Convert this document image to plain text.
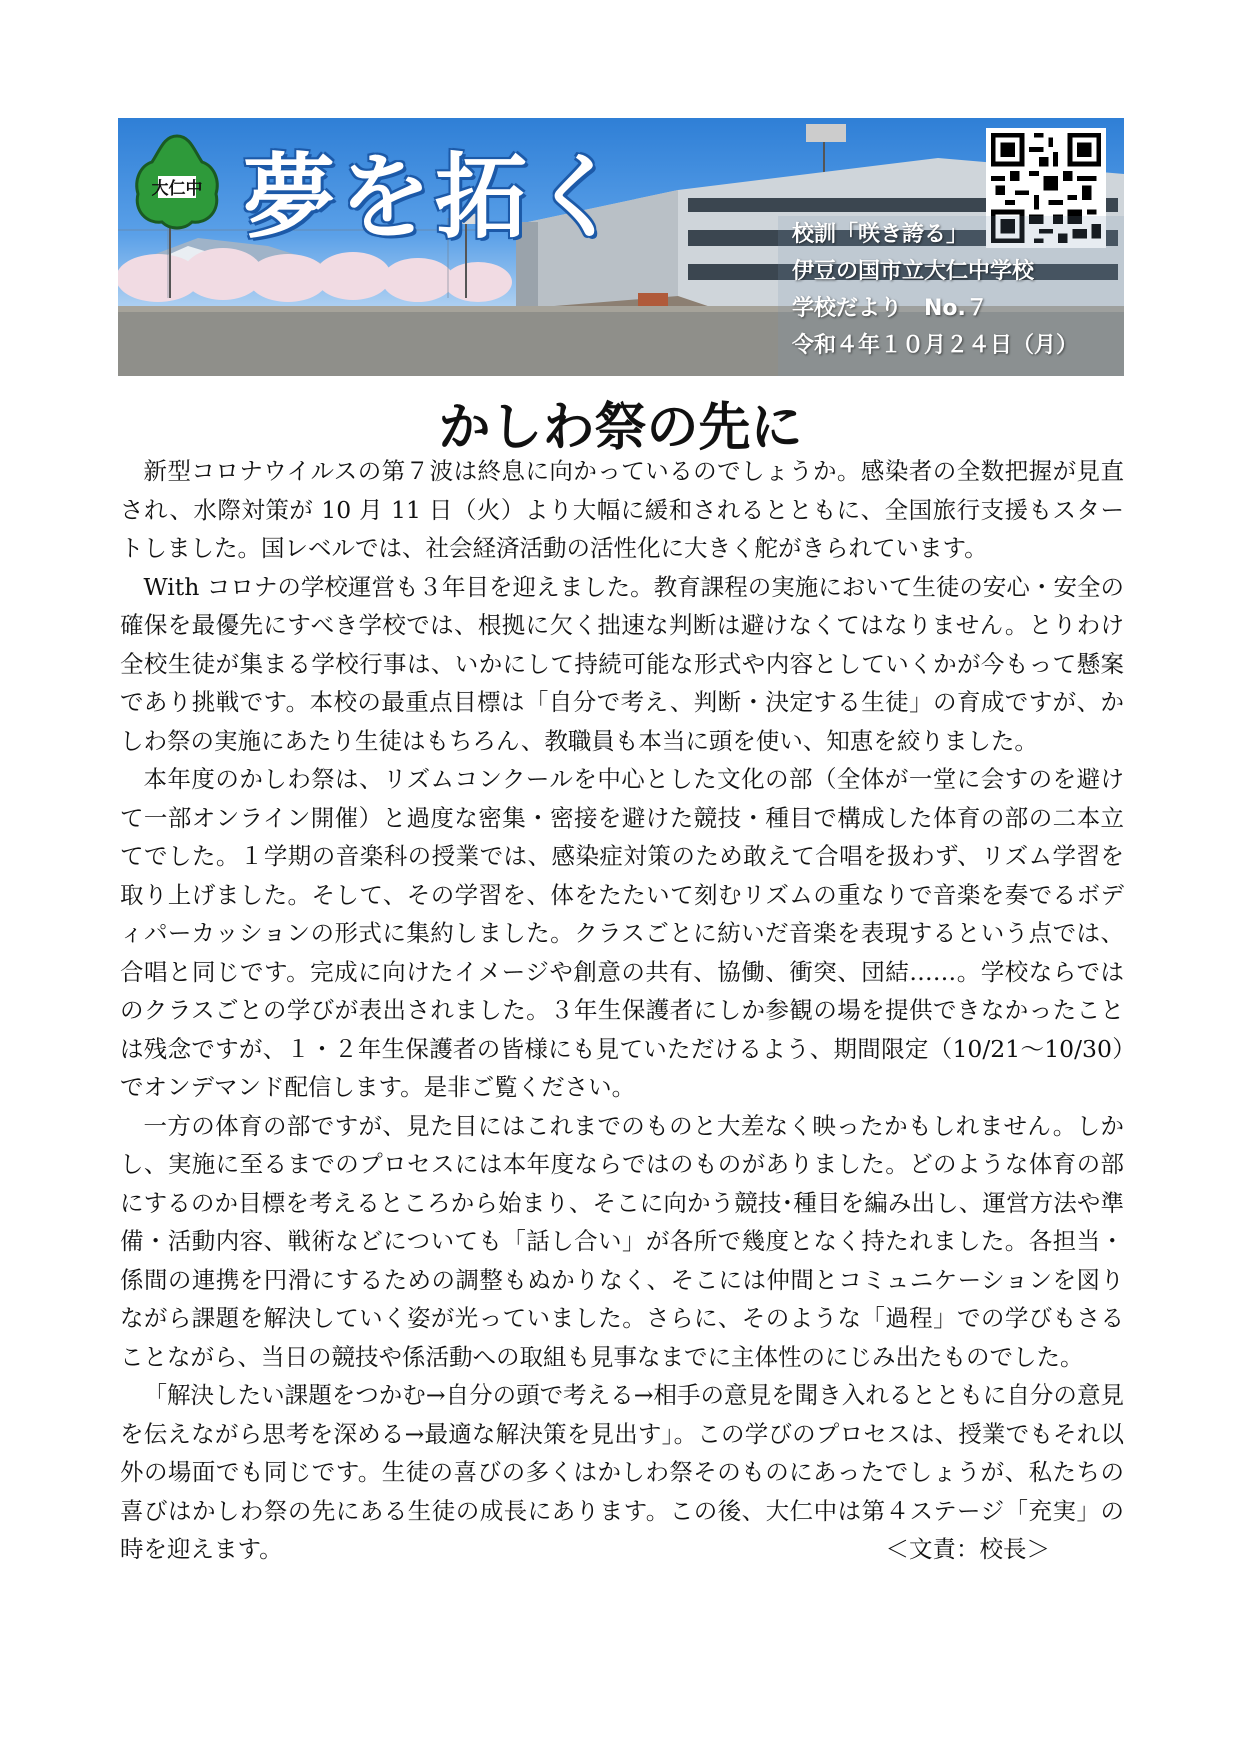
大仁中 夢を拓く	校訓「咲き誇る」
伊豆の国市立大仁中学校
学校だより　No.７
令和４年１０月２４日（月）
かしわ祭の先に

新型コロナウイルスの第７波は終息に向かっているのでしょうか。感染者の全数把握が見直され、水際対策が 10 月 11 日（火）より大幅に緩和されるとともに、全国旅行支援もスタートしました。国レベルでは、社会経済活動の活性化に大きく舵がきられています。

With コロナの学校運営も３年目を迎えました。教育課程の実施において生徒の安心・安全の確保を最優先にすべき学校では、根拠に欠く拙速な判断は避けなくてはなりません。とりわけ全校生徒が集まる学校行事は、いかにして持続可能な形式や内容としていくかが今もって懸案であり挑戦です。本校の最重点目標は「自分で考え、判断・決定する生徒」の育成ですが、かしわ祭の実施にあたり生徒はもちろん、教職員も本当に頭を使い、知恵を絞りました。

本年度のかしわ祭は、リズムコンクールを中心とした文化の部（全体が一堂に会すのを避けて一部オンライン開催）と過度な密集・密接を避けた競技・種目で構成した体育の部の二本立てでした。１学期の音楽科の授業では、感染症対策のため敢えて合唱を扱わず、リズム学習を取り上げました。そして、その学習を、体をたたいて刻むリズムの重なりで音楽を奏でるボディパーカッションの形式に集約しました。クラスごとに紡いだ音楽を表現するという点では、合唱と同じです。完成に向けたイメージや創意の共有、協働、衝突、団結……。学校ならではのクラスごとの学びが表出されました。３年生保護者にしか参観の場を提供できなかったことは残念ですが、１・２年生保護者の皆様にも見ていただけるよう、期間限定（10/21～10/30）でオンデマンド配信します。是非ご覧ください。

一方の体育の部ですが、見た目にはこれまでのものと大差なく映ったかもしれません。しかし、実施に至るまでのプロセスには本年度ならではのものがありました。どのような体育の部にするのか目標を考えるところから始まり、そこに向かう競技･種目を編み出し、運営方法や準備・活動内容、戦術などについても「話し合い」が各所で幾度となく持たれました。各担当・係間の連携を円滑にするための調整もぬかりなく、そこには仲間とコミュニケーションを図りながら課題を解決していく姿が光っていました。さらに、そのような「過程」での学びもさることながら、当日の競技や係活動への取組も見事なまでに主体性のにじみ出たものでした。

「解決したい課題をつかむ→自分の頭で考える→相手の意見を聞き入れるとともに自分の意見を伝えながら思考を深める→最適な解決策を見出す」。この学びのプロセスは、授業でもそれ以外の場面でも同じです。生徒の喜びの多くはかしわ祭そのものにあったでしょうが、私たちの喜びはかしわ祭の先にある生徒の成長にあります。この後、大仁中は第４ステージ「充実」の時を迎えます。	＜文責：校長＞
